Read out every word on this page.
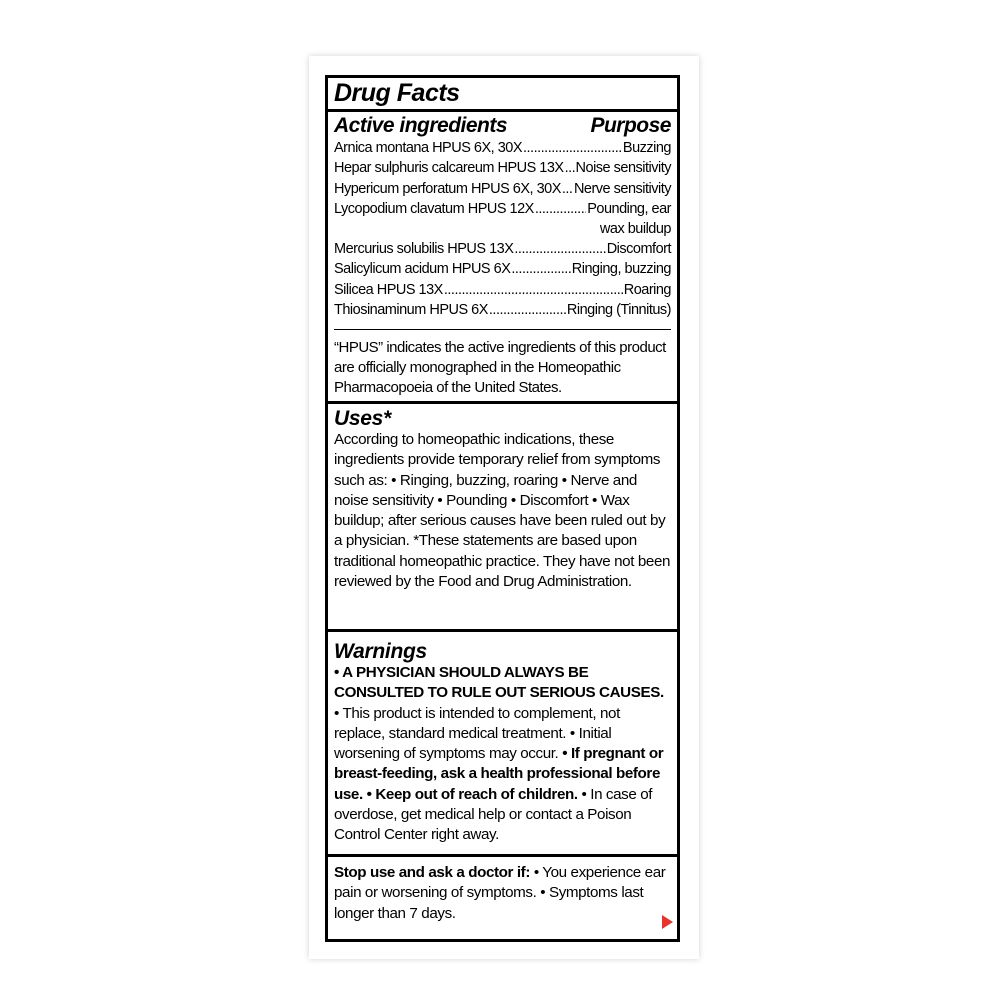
Drug Facts
Active ingredients	Purpose
Arnica montana HPUS 6X, 30X .....	Buzzing
Hepar sulphuris calcareum HPUS 13X ..... Noise sensitivity
Hypericum perforatum HPUS 6X, 30X ..... Nerve sensitivity
Lycopodium clavatum HPUS 12X .....	Pounding, ear
wax buildup
Mercurius solubilis HPUS 13X .....	Discomfort
Salicylicum acidum HPUS 6X .....	Ringing, buzzing
Silicea HPUS 13X .....	Roaring
Thiosinaminum HPUS 6X .....	Ringing (Tinnitus)
“HPUS” indicates the active ingredients of this product are officially monographed in the Homeopathic Pharmacopoeia of the United States.
Uses*
According to homeopathic indications, these ingredients provide temporary relief from symptoms such as: • Ringing, buzzing, roaring • Nerve and noise sensitivity • Pounding • Discomfort • Wax buildup; after serious causes have been ruled out by a physician. *These statements are based upon traditional homeopathic practice. They have not been reviewed by the Food and Drug Administration.
Warnings
• A PHYSICIAN SHOULD ALWAYS BE CONSULTED TO RULE OUT SERIOUS CAUSES. • This product is intended to complement, not replace, standard medical treatment. • Initial worsening of symptoms may occur. • If pregnant or breast-feeding, ask a health professional before use. • Keep out of reach of children. • In case of overdose, get medical help or contact a Poison Control Center right away.
Stop use and ask a doctor if: • You experience ear pain or worsening of symptoms. • Symptoms last longer than 7 days.
